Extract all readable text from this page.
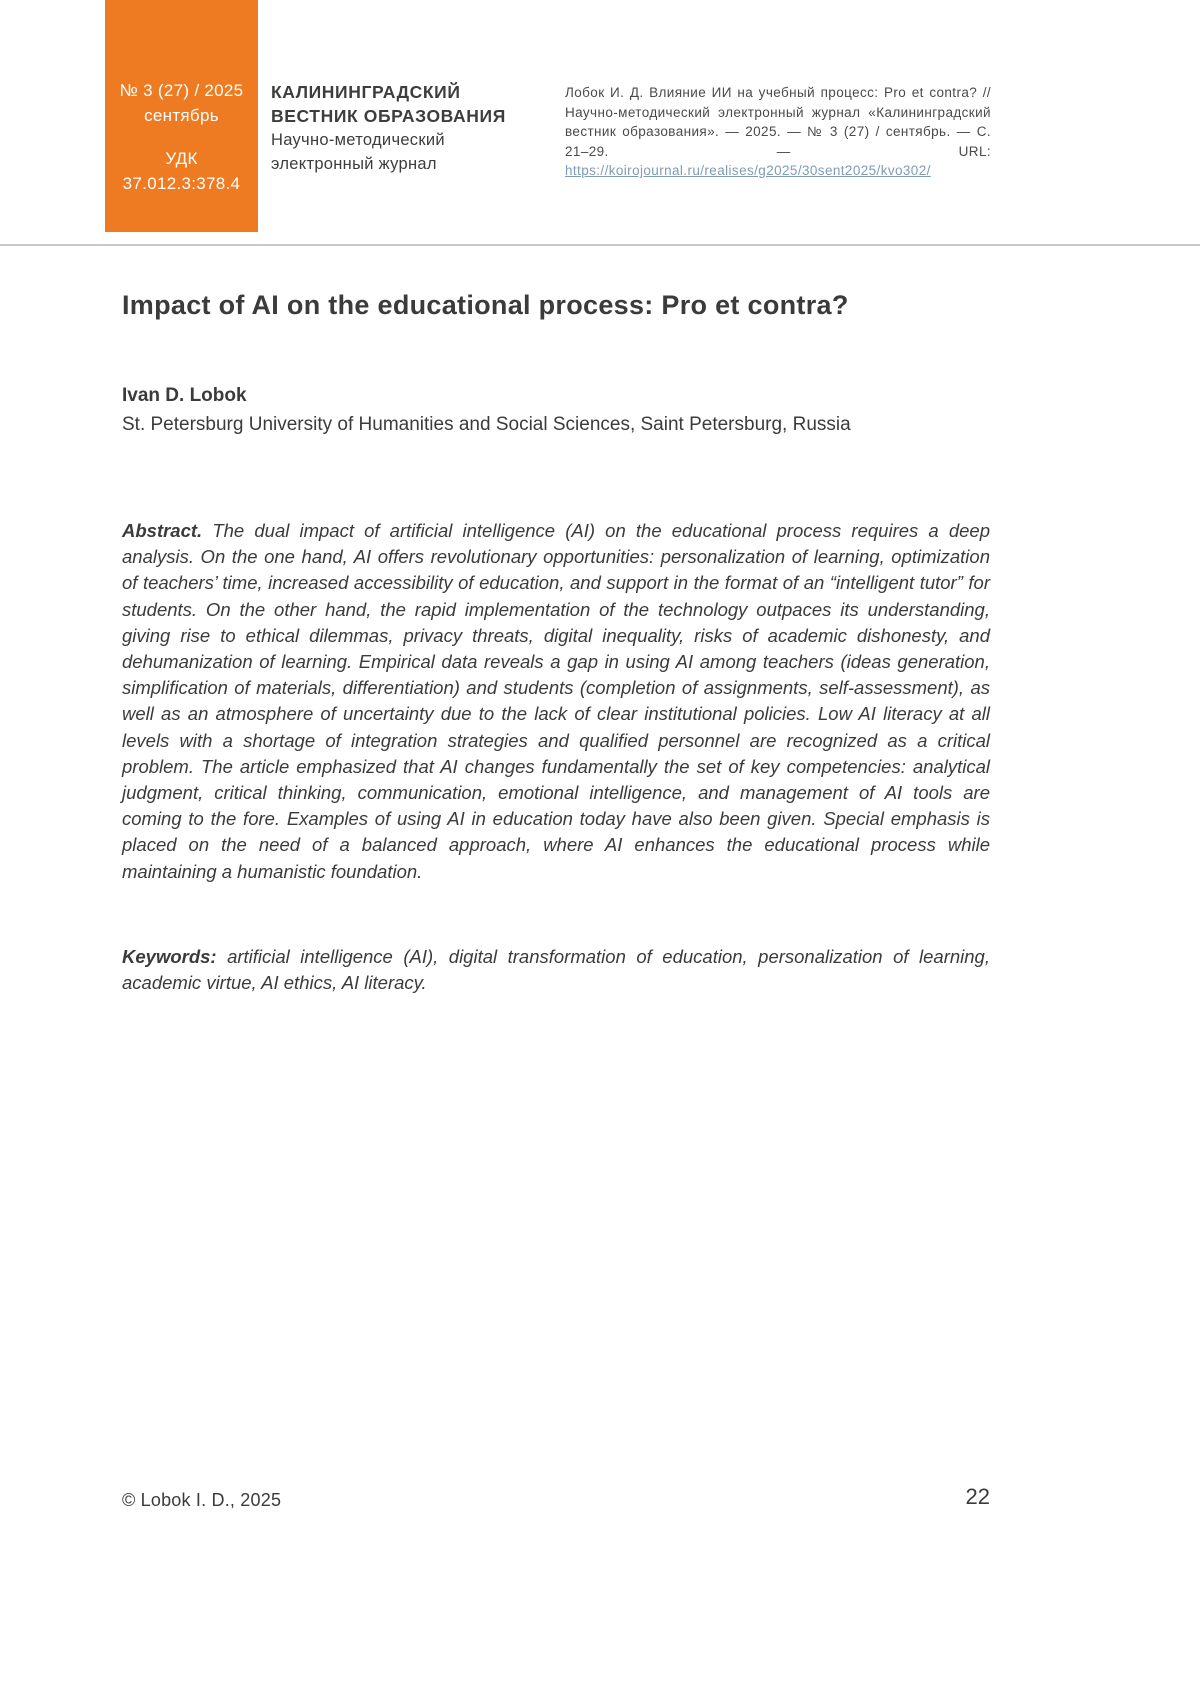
№ 3 (27) / 2025
сентябрь
УДК
37.012.3:378.4
КАЛИНИНГРАДСКИЙ
ВЕСТНИК ОБРАЗОВАНИЯ
Научно-методический
электронный журнал

Лобок И. Д. Влияние ИИ на учебный процесс: Pro et contra? // Научно-методический электронный журнал «Калининградский вестник образования». — 2025. — № 3 (27) / сентябрь. — С. 21–29. — URL: https://koirojournal.ru/realises/g2025/30sent2025/kvo302/

Impact of AI on the educational process: Pro et contra?
Ivan D. Lobok
St. Petersburg University of Humanities and Social Sciences, Saint Petersburg, Russia

Abstract. The dual impact of artificial intelligence (AI) on the educational process requires a deep analysis. On the one hand, AI offers revolutionary opportunities: personalization of learning, optimization of teachers’ time, increased accessibility of education, and support in the format of an “intelligent tutor” for students. On the other hand, the rapid implementation of the technology outpaces its understanding, giving rise to ethical dilemmas, privacy threats, digital inequality, risks of academic dishonesty, and dehumanization of learning. Empirical data reveals a gap in using AI among teachers (ideas generation, simplification of materials, differentiation) and students (completion of assignments, self-assessment), as well as an atmosphere of uncertainty due to the lack of clear institutional policies. Low AI literacy at all levels with a shortage of integration strategies and qualified personnel are recognized as a critical problem. The article emphasized that AI changes fundamentally the set of key competencies: analytical judgment, critical thinking, communication, emotional intelligence, and management of AI tools are coming to the fore. Examples of using AI in education today have also been given. Special emphasis is placed on the need of a balanced approach, where AI enhances the educational process while maintaining a humanistic foundation.

Keywords: artificial intelligence (AI), digital transformation of education, personalization of learning, academic virtue, AI ethics, AI literacy.

© Lobok I. D., 2025	22
